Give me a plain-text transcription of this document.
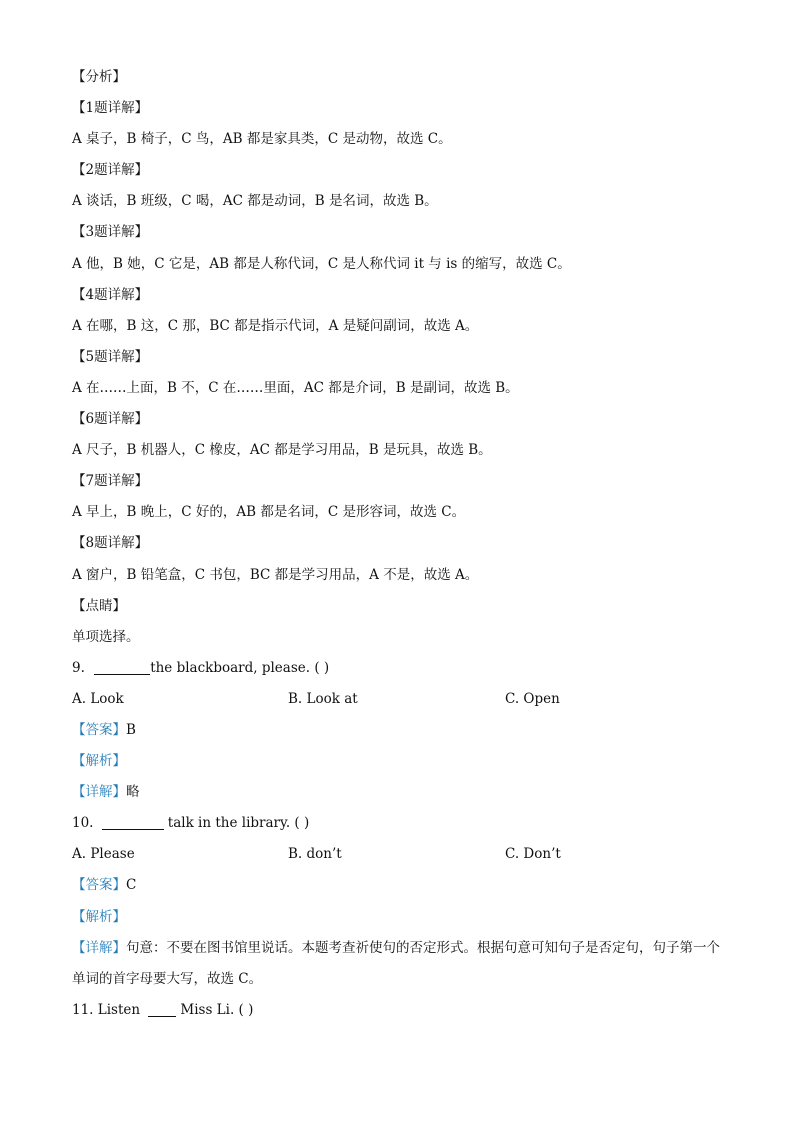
【分析】
【1题详解】
A 桌子，B 椅子，C 鸟，AB 都是家具类，C 是动物，故选 C。
【2题详解】
A 谈话，B 班级，C 喝，AC 都是动词，B 是名词，故选 B。
【3题详解】
A 他，B 她，C 它是，AB 都是人称代词，C 是人称代词 it 与 is 的缩写，故选 C。
【4题详解】
A 在哪，B 这，C 那，BC 都是指示代词，A 是疑问副词，故选 A。
【5题详解】
A 在……上面，B 不，C 在……里面，AC 都是介词，B 是副词，故选 B。
【6题详解】
A 尺子，B 机器人，C 橡皮，AC 都是学习用品，B 是玩具，故选 B。
【7题详解】
A 早上，B 晚上，C 好的，AB 都是名词，C 是形容词，故选 C。
【8题详解】
A 窗户，B 铅笔盒，C 书包，BC 都是学习用品，A 不是，故选 A。
【点睛】
单项选择。
9.	the blackboard, please. ( )
A. Look	B. Look at	C. Open
【答案】B
【解析】
【详解】略
10.	talk in the library. ( )
A. Please	B. don’t	C. Don’t
【答案】C
【解析】
【详解】句意：不要在图书馆里说话。本题考查祈使句的否定形式。根据句意可知句子是否定句，句子第一个单词的首字母要大写，故选 C。
11. Listen	Miss Li. ( )
